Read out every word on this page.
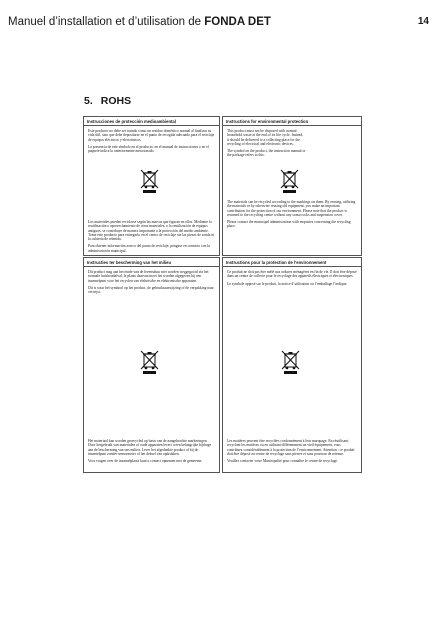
Manuel d’installation et d’utilisation de FONDA DET	14
5. ROHS
Instrucciones de protección medioambiental

Este producto no debe ser tratado como un residuo doméstico normal al finalizar su vida útil, sino que debe depositarse en el punto de recogida adecuado para el reciclaje de equipos eléctricos y electrónicos.

La presencia de este símbolo en el producto, en el manual de instrucciones o en el paquete indica lo anteriormente mencionado.

Los materiales pueden reciclarse según las marcas que figuran en ellos. Mediante la reutilización o aprovechamiento de otros materiales, o la reutilización de equipos antiguos, se contribuye de manera importante a la protección del medio ambiente. Tome este producto para entregarlo en el centro de reciclaje sin las piezas de sonda ni la cubierta de retenida.

Para obtener información acerca del punto de reciclaje, póngase en contacto con la administración municipal.

Instructions for environmental protection

This product must not be disposed with normal household waste at the end of its life cycle. Instead, it should be delivered to a collecting place for the recycling of electrical and electronic devices.

The symbol on the product, the instruction manual or the package refers to this.

The materials can be recycled according to the markings on them. By reusing, utilizing the materials or by otherwise reusing old equipment, you make an important contribution for the protection of our environment. Please note that the product is returned to the recycling centre without any sonsa rocks and suspension cover.

Please contact the municipal administration with enquiries concerning the recycling place.

Instructies ter bescherming van het milieu

Dit product mag aan het einde van de levensduur niet worden weggegooid via het normale huishoudafval, le plaats daarvan moet het worden afgegeven bij een inzamelpunt voor het recyclen van elektrische en elektronische apparaten.

Dit is waar het symbool op het product, de gebruiksaanwijzing of de verpakking naar verwijst.

Het materiaal kan worden gerecycled op basis van de aangebrachte markeringen. Door hergebruik van materialen of oude apparaten levert u een belangrijke bijdrage aan de bescherming van ons milieu. Lever het afgedankte product af bij de inzamelpunt zonder sensormeter of het deksel van opdrukken.

Voor vragen over de inzamelplaats kunt u contact opnemen met de gemeente.

Instructions pour la protection de l’environnement

Ce produit ne doit pas être mélé aux ordures ménagères en fin de vie. Il doit être déposé dans un centre de collecte pour le recyclage des appareils électriques et électroniques.

Le symbole apposé sur le produit, la notice d’utilisation ou l’emballage l’indique.

Les matières peuvent être recyclées conformément à leur marquage. En réutilisant, recyclant les matières ou en utilisant différemment un vieil équipement, vous contribuez considérablement à la protection de l’environnement. Attention : ce produit doit être déposé au centre de recyclage sans pierres et sans pourtour de retenue.

Veuillez contacter votre Municipalité pour connaître le centre de recyclage.
